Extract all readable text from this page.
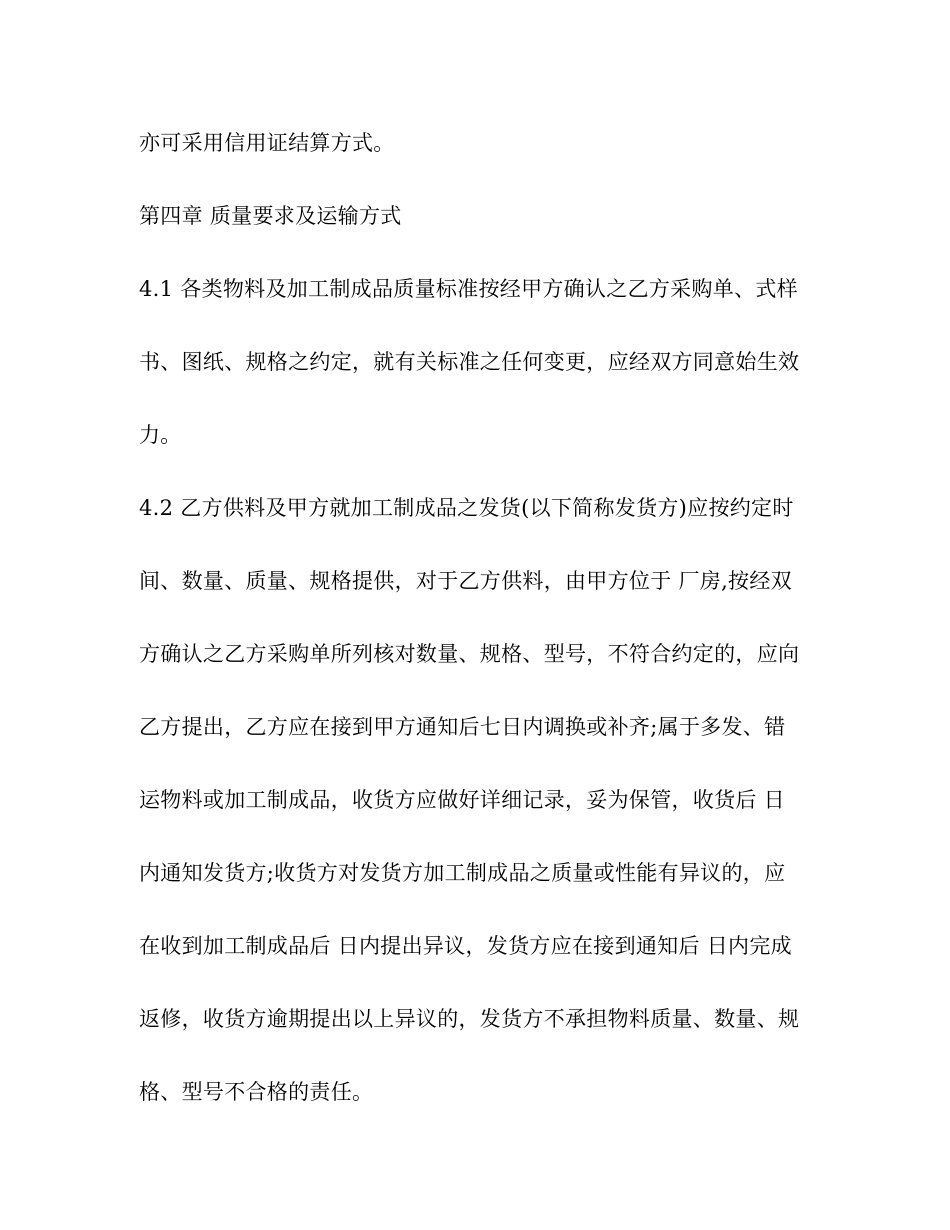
亦可采用信用证结算方式。
第四章 质量要求及运输方式
4.1 各类物料及加工制成品质量标准按经甲方确认之乙方采购单、式样
书、图纸、规格之约定，就有关标准之任何变更，应经双方同意始生效
力。
4.2 乙方供料及甲方就加工制成品之发货(以下简称发货方)应按约定时
间、数量、质量、规格提供，对于乙方供料，由甲方位于 厂房,按经双
方确认之乙方采购单所列核对数量、规格、型号，不符合约定的，应向
乙方提出，乙方应在接到甲方通知后七日内调换或补齐;属于多发、错
运物料或加工制成品，收货方应做好详细记录，妥为保管，收货后 日
内通知发货方;收货方对发货方加工制成品之质量或性能有异议的，应
在收到加工制成品后 日内提出异议，发货方应在接到通知后 日内完成
返修，收货方逾期提出以上异议的，发货方不承担物料质量、数量、规
格、型号不合格的责任。
